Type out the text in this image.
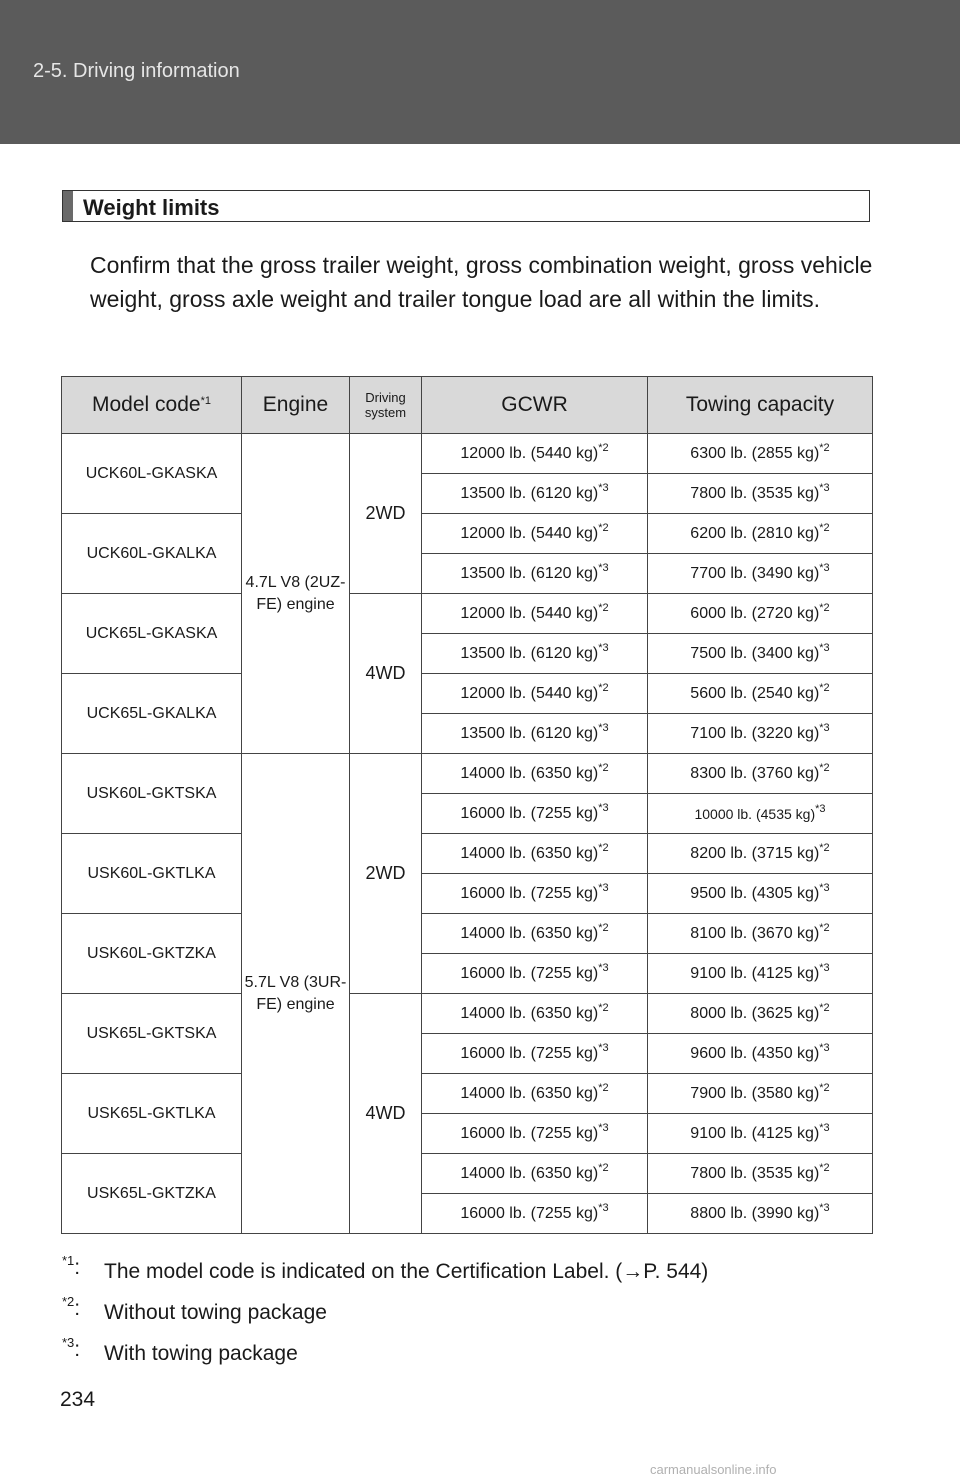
2-5. Driving information
Weight limits
Confirm that the gross trailer weight, gross combination weight, gross vehicle weight, gross axle weight and trailer tongue load are all within the limits.
Model code$^{*1}$	Engine	Driving system	GCWR	Towing capacity
UCK60L-GKASKA	4.7L V8 (2UZ-FE) engine	2WD	12000 lb. (5440 kg)$^{*2}$	6300 lb. (2855 kg)$^{*2}$
			13500 lb. (6120 kg)$^{*3}$	7800 lb. (3535 kg)$^{*3}$
UCK60L-GKALKA			12000 lb. (5440 kg)$^{*2}$	6200 lb. (2810 kg)$^{*2}$
			13500 lb. (6120 kg)$^{*3}$	7700 lb. (3490 kg)$^{*3}$
UCK65L-GKASKA		4WD	12000 lb. (5440 kg)$^{*2}$	6000 lb. (2720 kg)$^{*2}$
			13500 lb. (6120 kg)$^{*3}$	7500 lb. (3400 kg)$^{*3}$
UCK65L-GKALKA			12000 lb. (5440 kg)$^{*2}$	5600 lb. (2540 kg)$^{*2}$
			13500 lb. (6120 kg)$^{*3}$	7100 lb. (3220 kg)$^{*3}$
USK60L-GKTSKA	5.7L V8 (3UR-FE) engine	2WD	14000 lb. (6350 kg)$^{*2}$	8300 lb. (3760 kg)$^{*2}$
			16000 lb. (7255 kg)$^{*3}$	10000 lb. (4535 kg)$^{*3}$
USK60L-GKTLKA			14000 lb. (6350 kg)$^{*2}$	8200 lb. (3715 kg)$^{*2}$
			16000 lb. (7255 kg)$^{*3}$	9500 lb. (4305 kg)$^{*3}$
USK60L-GKTZKA			14000 lb. (6350 kg)$^{*2}$	8100 lb. (3670 kg)$^{*2}$
			16000 lb. (7255 kg)$^{*3}$	9100 lb. (4125 kg)$^{*3}$
USK65L-GKTSKA		4WD	14000 lb. (6350 kg)$^{*2}$	8000 lb. (3625 kg)$^{*2}$
			16000 lb. (7255 kg)$^{*3}$	9600 lb. (4350 kg)$^{*3}$
USK65L-GKTLKA			14000 lb. (6350 kg)$^{*2}$	7900 lb. (3580 kg)$^{*2}$
			16000 lb. (7255 kg)$^{*3}$	9100 lb. (4125 kg)$^{*3}$
USK65L-GKTZKA			14000 lb. (6350 kg)$^{*2}$	7800 lb. (3535 kg)$^{*2}$
			16000 lb. (7255 kg)$^{*3}$	8800 lb. (3990 kg)$^{*3}$
$^{*1}$: The model code is indicated on the Certification Label. (→P. 544)
$^{*2}$: Without towing package
$^{*3}$: With towing package
234
carmanualsonline.info
